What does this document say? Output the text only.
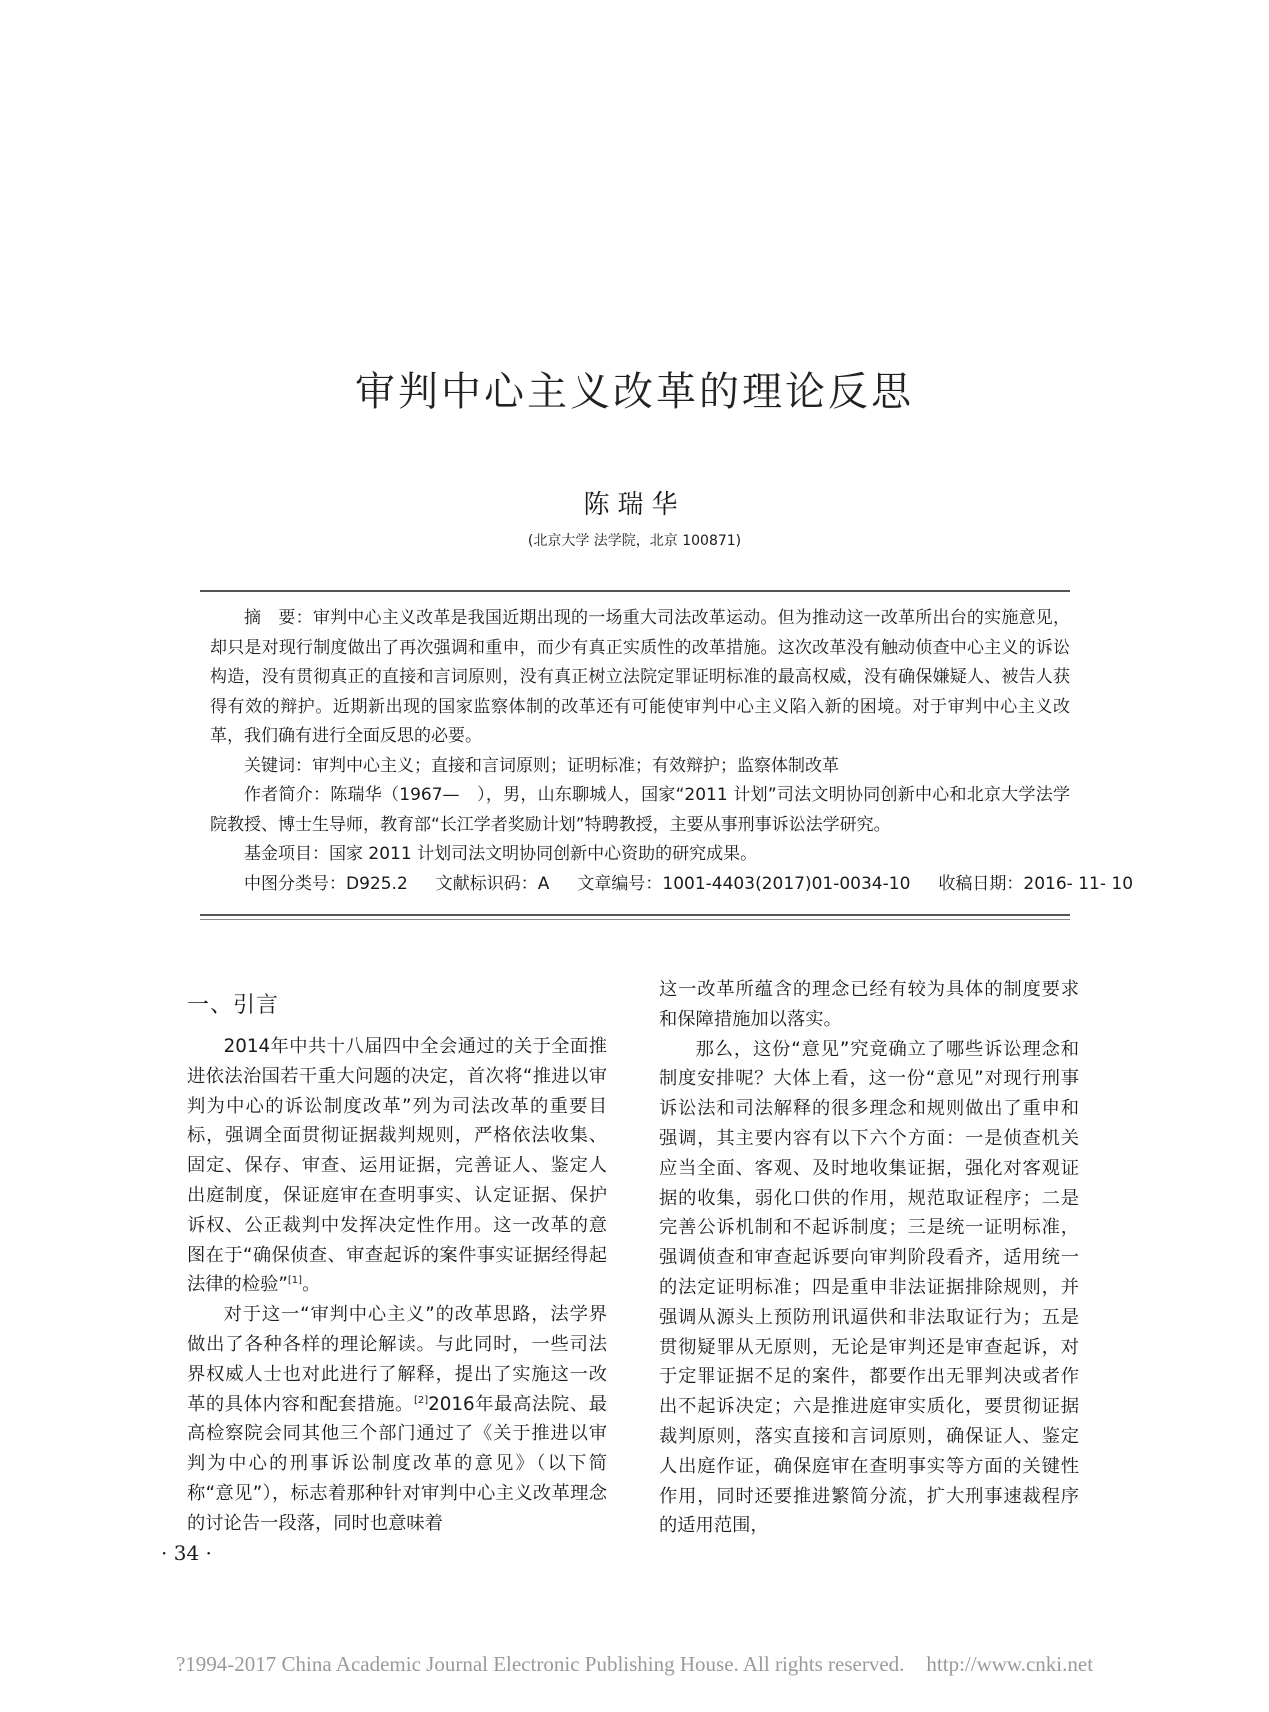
审判中心主义改革的理论反思
陈瑞华
(北京大学 法学院，北京 100871)

摘　要：审判中心主义改革是我国近期出现的一场重大司法改革运动。但为推动这一改革所出台的实施意见，却只是对现行制度做出了再次强调和重申，而少有真正实质性的改革措施。这次改革没有触动侦查中心主义的诉讼构造，没有贯彻真正的直接和言词原则，没有真正树立法院定罪证明标准的最高权威，没有确保嫌疑人、被告人获得有效的辩护。近期新出现的国家监察体制的改革还有可能使审判中心主义陷入新的困境。对于审判中心主义改革，我们确有进行全面反思的必要。

关键词：审判中心主义；直接和言词原则；证明标准；有效辩护；监察体制改革

作者简介：陈瑞华（1967—　），男，山东聊城人，国家“2011 计划”司法文明协同创新中心和北京大学法学院教授、博士生导师，教育部“长江学者奖励计划”特聘教授，主要从事刑事诉讼法学研究。

基金项目：国家 2011 计划司法文明协同创新中心资助的研究成果。

中图分类号：D925.2 文献标识码：A 文章编号：1001-4403(2017)01-0034-10 收稿日期：2016- 11- 10
一、引言

2014年中共十八届四中全会通过的关于全面推进依法治国若干重大问题的决定，首次将“推进以审判为中心的诉讼制度改革”列为司法改革的重要目标，强调全面贯彻证据裁判规则，严格依法收集、固定、保存、审查、运用证据，完善证人、鉴定人出庭制度，保证庭审在查明事实、认定证据、保护诉权、公正裁判中发挥决定性作用。这一改革的意图在于“确保侦查、审查起诉的案件事实证据经得起法律的检验”[1]。

对于这一“审判中心主义”的改革思路，法学界做出了各种各样的理论解读。与此同时，一些司法界权威人士也对此进行了解释，提出了实施这一改革的具体内容和配套措施。[2]2016年最高法院、最高检察院会同其他三个部门通过了《关于推进以审判为中心的刑事诉讼制度改革的意见》（以下简称“意见”），标志着那种针对审判中心主义改革理念的讨论告一段落，同时也意味着

这一改革所蕴含的理念已经有较为具体的制度要求和保障措施加以落实。

那么，这份“意见”究竟确立了哪些诉讼理念和制度安排呢？大体上看，这一份“意见”对现行刑事诉讼法和司法解释的很多理念和规则做出了重申和强调，其主要内容有以下六个方面：一是侦查机关应当全面、客观、及时地收集证据，强化对客观证据的收集，弱化口供的作用，规范取证程序；二是完善公诉机制和不起诉制度；三是统一证明标准，强调侦查和审查起诉要向审判阶段看齐，适用统一的法定证明标准；四是重申非法证据排除规则，并强调从源头上预防刑讯逼供和非法取证行为；五是贯彻疑罪从无原则，无论是审判还是审查起诉，对于定罪证据不足的案件，都要作出无罪判决或者作出不起诉决定；六是推进庭审实质化，要贯彻证据裁判原则，落实直接和言词原则，确保证人、鉴定人出庭作证，确保庭审在查明事实等方面的关键性作用，同时还要推进繁简分流，扩大刑事速裁程序的适用范围，

· 34 ·
?1994-2017 China Academic Journal Electronic Publishing House. All rights reserved. http://www.cnki.net
